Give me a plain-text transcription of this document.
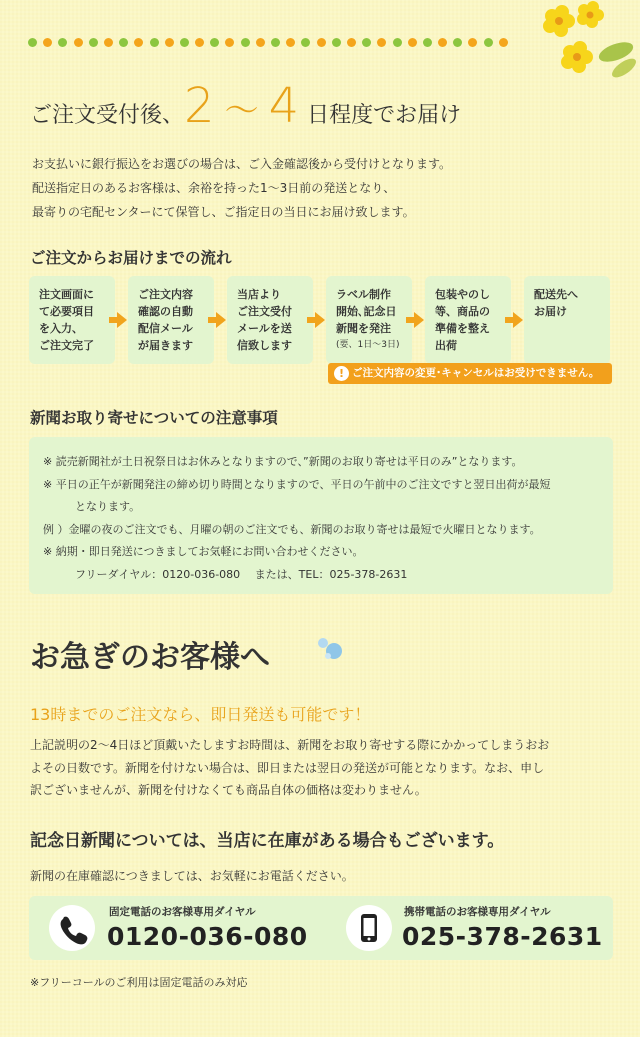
ご注文受付後、2 ～ 4 日程度でお届け
お支払いに銀行振込をお選びの場合は、ご入金確認後から受付けとなります。
配送指定日のあるお客様は、余裕を持った1～3日前の発送となり、
最寄りの宅配センターにて保管し、ご指定日の当日にお届け致します。
ご注文からお届けまでの流れ
注文画面に
て必要項目
を入力、
ご注文完了
ご注文内容
確認の自動
配信メール
が届きます
当店より
ご注文受付
メールを送
信致します
ラベル制作
開始､記念日
新聞を発注
(要、1日～3日)
包装やのし
等、商品の
準備を整え
出荷
配送先へ
お届け
! ご注文内容の変更･キャンセルはお受けできません。
新聞お取り寄せについての注意事項
※ 読売新聞社が土日祝祭日はお休みとなりますので、”新聞のお取り寄せは平日のみ”となります。
※ 平日の正午が新聞発注の締め切り時間となりますので、平日の午前中のご注文ですと翌日出荷が最短
となります。
例 ）金曜の夜のご注文でも、月曜の朝のご注文でも、新聞のお取り寄せは最短で火曜日となります。
※ 納期・即日発送につきましてお気軽にお問い合わせください。
フリーダイヤル：0120-036-080　 または、TEL：025-378-2631
お急ぎのお客様へ
13時までのご注文なら、即日発送も可能です！
上記説明の2～4日ほど頂戴いたしますお時間は、新聞をお取り寄せする際にかかってしまうおお
よその日数です。新聞を付けない場合は、即日または翌日の発送が可能となります。なお、申し
訳ございませんが、新聞を付けなくても商品自体の価格は変わりません。
記念日新聞については、当店に在庫がある場合もございます。
新聞の在庫確認につきましては、お気軽にお電話ください。
固定電話のお客様専用ダイヤル
0120-036-080
携帯電話のお客様専用ダイヤル
025-378-2631
※フリーコールのご利用は固定電話のみ対応
